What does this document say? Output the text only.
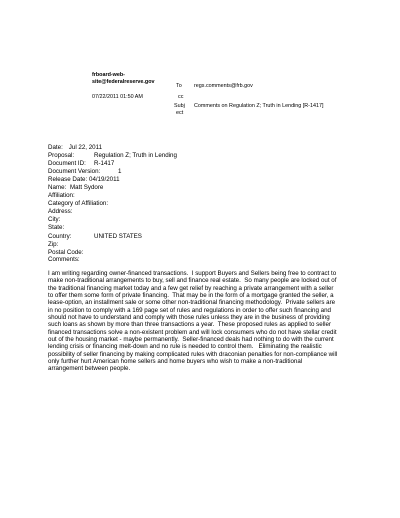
frboard-web-
site@federalreserve.gov
07/22/2011 01:50 AM
To regs.comments@frb.gov
cc
Subj
ect
Comments on Regulation Z; Truth in Lending [R-1417]
Date: Jul 22, 2011
Proposal:	Regulation Z; Truth in Lending
Document ID: R-1417
Document Version:	1
Release Date: 04/19/2011
Name: Matt Sydore
Affiliation:
Category of Affiliation:
Address:
City:
State:
Country:	UNITED STATES
Zip:
Postal Code:
Comments:
I am writing regarding owner-financed transactions.  I support Buyers and Sellers being free to contract to
make non-traditional arrangements to buy, sell and finance real estate.  So many people are locked out of
the traditional financing market today and a few get relief by reaching a private arrangement with a seller
to offer them some form of private financing.  That may be in the form of a mortgage granted the seller, a
lease-option, an installment sale or some other non-traditional financing methodology.  Private sellers are
in no position to comply with a 169 page set of rules and regulations in order to offer such financing and
should not have to understand and comply with those rules unless they are in the business of providing
such loans as shown by more than three transactions a year.  These proposed rules as applied to seller
financed transactions solve a non-existent problem and will lock consumers who do not have stellar credit
out of the housing market - maybe permanently.  Seller-financed deals had nothing to do with the current
lending crisis or financing melt-down and no rule is needed to control them.   Eliminating the realistic
possibility of seller financing by making complicated rules with draconian penalties for non-compliance will
only further hurt American home sellers and home buyers who wish to make a non-traditional
arrangement between people.
